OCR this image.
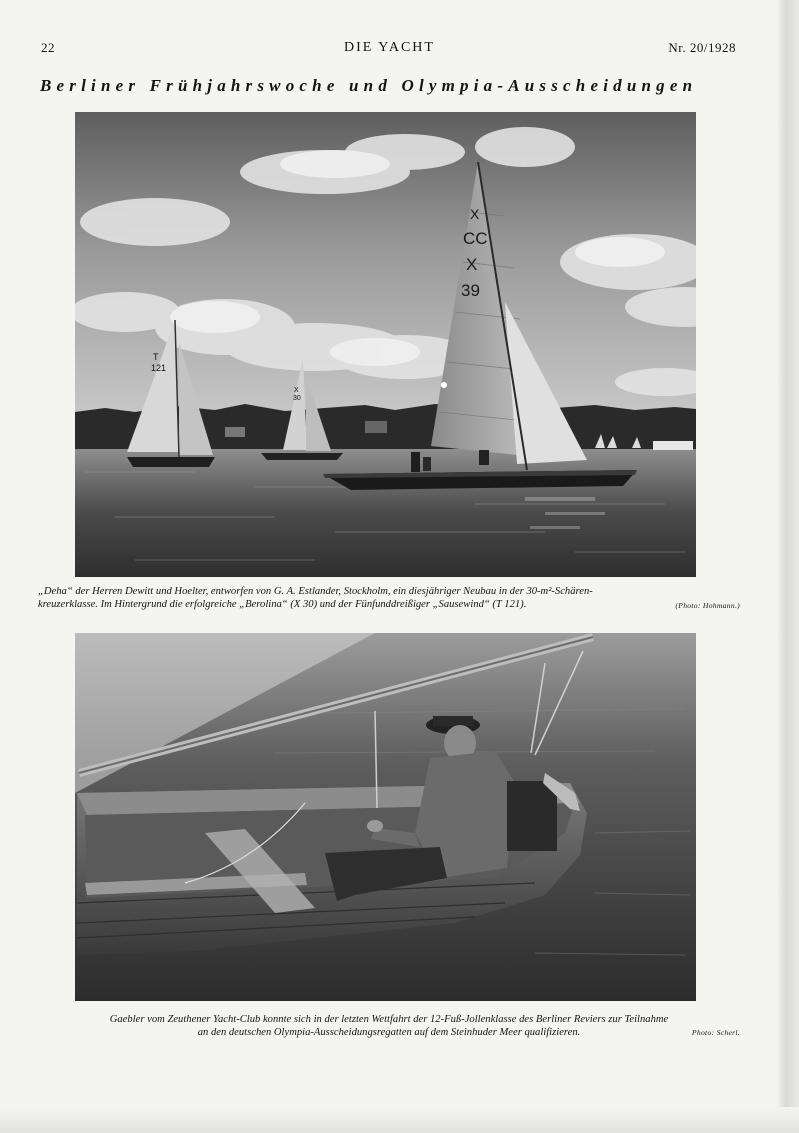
22	DIE YACHT	Nr. 20/1928
Berliner Frühjahrswoche und Olympia-Ausscheidungen
T
121
X
30
X
CC
X
39
„Deha“ der Herren Dewitt und Hoelter, entworfen von G. A. Estlander, Stockholm, ein diesjähriger Neubau in der 30-m²-Schären-
(Photo: Hohmann.)
kreuzerklasse. Im Hintergrund die erfolgreiche „Berolina“ (X 30) und der Fünfunddreißiger „Sausewind“ (T 121).
Gaebler vom Zeuthener Yacht-Club konnte sich in der letzten Wettfahrt der 12-Fuß-Jollenklasse des Berliner Reviers zur Teilnahme
an den deutschen Olympia-Ausscheidungsregatten auf dem Steinhuder Meer qualifizieren.	Photo: Scherl.
